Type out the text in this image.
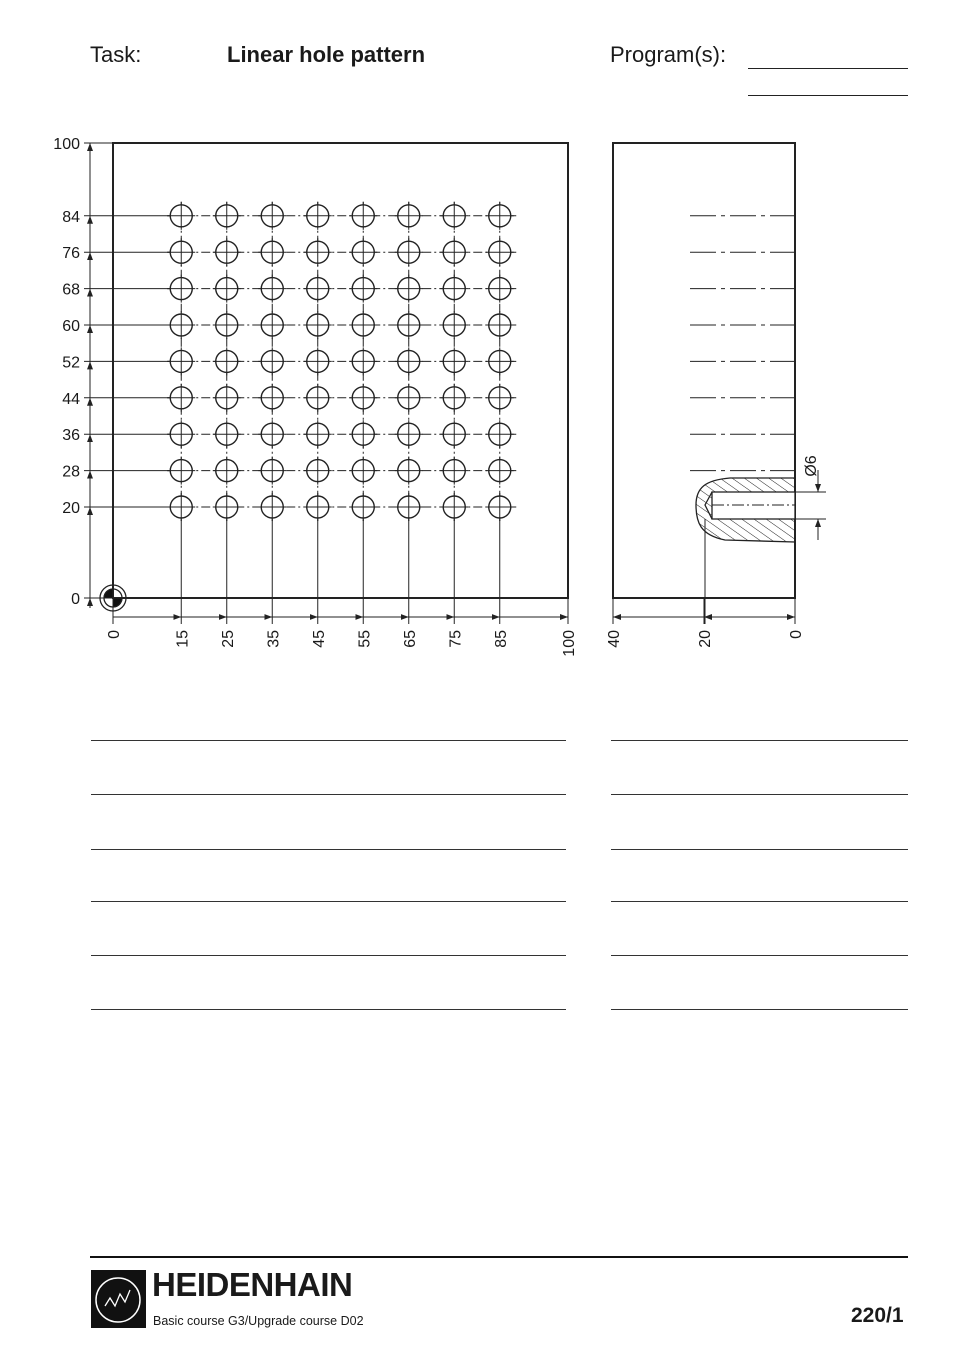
Task:	Linear hole pattern	Program(s):
100
84
76
68
60
52
44
36
28
20
0
0	15 25 35 45 55 65 75 85	100
Ø6
40	20	0
HEIDENHAIN
Basic course G3/Upgrade course D02	220/1
